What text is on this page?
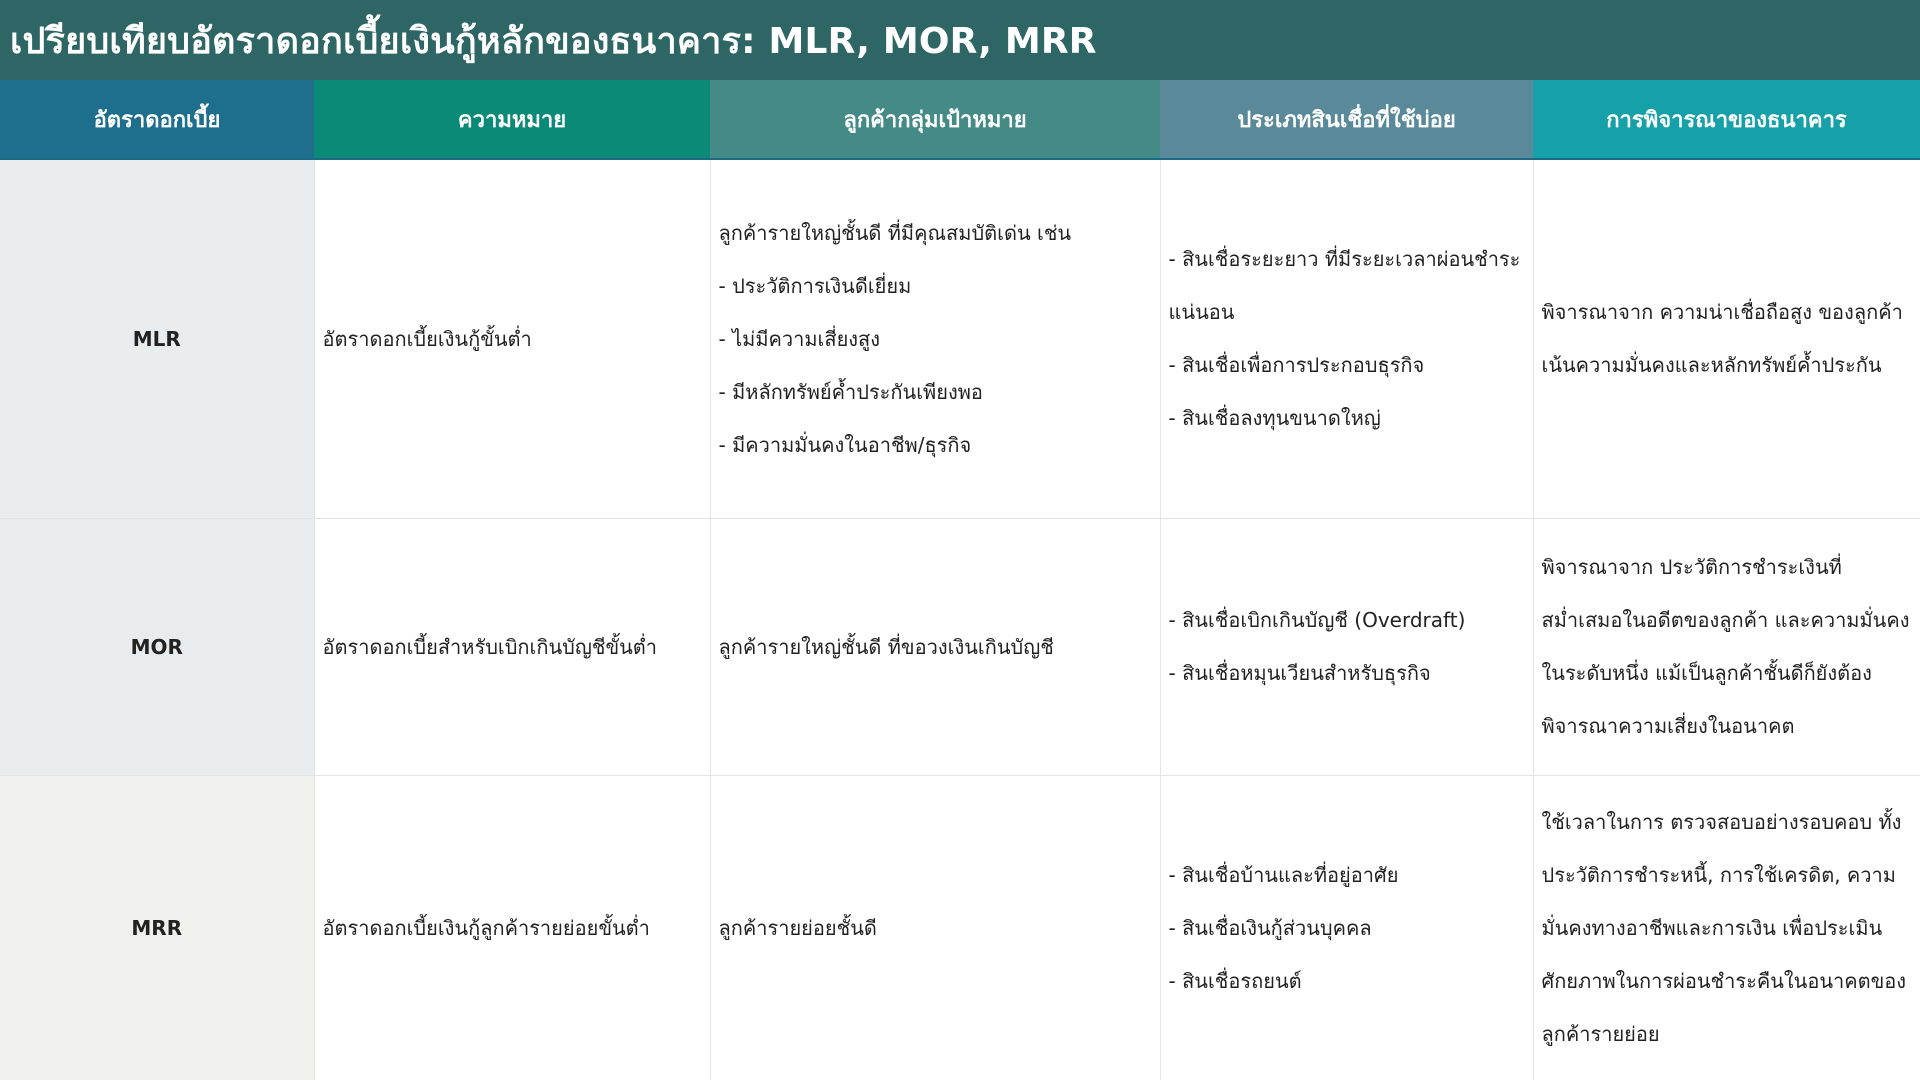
เปรียบเทียบอัตราดอกเบี้ยเงินกู้หลักของธนาคาร: MLR, MOR, MRR
อัตราดอกเบี้ย	ความหมาย	ลูกค้ากลุ่มเป้าหมาย	ประเภทสินเชื่อที่ใช้บ่อย	การพิจารณาของธนาคาร
MLR	อัตราดอกเบี้ยเงินกู้ขั้นต่ำ	ลูกค้ารายใหญ่ชั้นดี ที่มีคุณสมบัติเด่น เช่น
- ประวัติการเงินดีเยี่ยม
- ไม่มีความเสี่ยงสูง
- มีหลักทรัพย์ค้ำประกันเพียงพอ
- มีความมั่นคงในอาชีพ/ธุรกิจ	- สินเชื่อระยะยาว ที่มีระยะเวลาผ่อนชำระแน่นอน
- สินเชื่อเพื่อการประกอบธุรกิจ
- สินเชื่อลงทุนขนาดใหญ่	พิจารณาจาก ความน่าเชื่อถือสูง ของลูกค้า เน้นความมั่นคงและหลักทรัพย์ค้ำประกัน

MOR	อัตราดอกเบี้ยสำหรับเบิกเกินบัญชีขั้นต่ำ	ลูกค้ารายใหญ่ชั้นดี ที่ขอวงเงินเกินบัญชี	- สินเชื่อเบิกเกินบัญชี (Overdraft)
- สินเชื่อหมุนเวียนสำหรับธุรกิจ	พิจารณาจาก ประวัติการชำระเงินที่สม่ำเสมอในอดีตของลูกค้า และความมั่นคงในระดับหนึ่ง แม้เป็นลูกค้าชั้นดีก็ยังต้องพิจารณาความเสี่ยงในอนาคต

MRR	อัตราดอกเบี้ยเงินกู้ลูกค้ารายย่อยขั้นต่ำ	ลูกค้ารายย่อยชั้นดี	- สินเชื่อบ้านและที่อยู่อาศัย
- สินเชื่อเงินกู้ส่วนบุคคล
- สินเชื่อรถยนต์	ใช้เวลาในการ ตรวจสอบอย่างรอบคอบ ทั้งประวัติการชำระหนี้, การใช้เครดิต, ความมั่นคงทางอาชีพและการเงิน เพื่อประเมินศักยภาพในการผ่อนชำระคืนในอนาคตของลูกค้ารายย่อย
